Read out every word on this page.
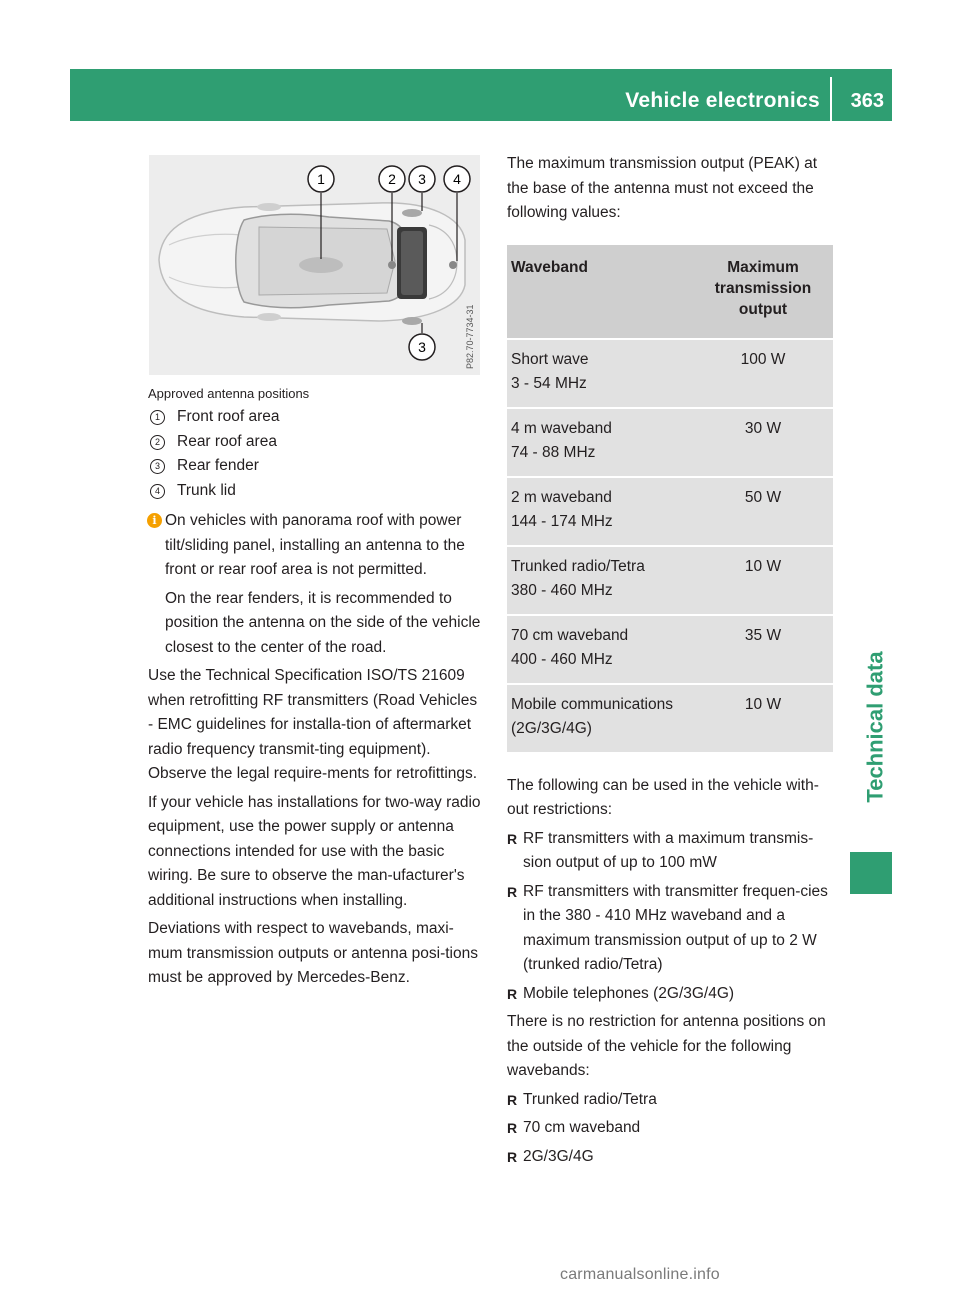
Vehicle electronics 363
Technical data
1	2 3 4
3	P82.70-7734-31
Approved antenna positions
1	Front roof area
2	Rear roof area
3	Rear fender
4	Trunk lid
i On vehicles with panorama roof with power tilt/sliding panel, installing an antenna to the front or rear roof area is not permitted.

On the rear fenders, it is recommended to position the antenna on the side of the vehicle closest to the center of the road.

Use the Technical Specification ISO/TS 21609 when retrofitting RF transmitters (Road Vehicles - EMC guidelines for installa-tion of aftermarket radio frequency transmit-ting equipment). Observe the legal require-ments for retrofittings.

If your vehicle has installations for two-way radio equipment, use the power supply or antenna connections intended for use with the basic wiring. Be sure to observe the man-ufacturer's additional instructions when installing.

Deviations with respect to wavebands, maxi-mum transmission outputs or antenna posi-tions must be approved by Mercedes-Benz.

The maximum transmission output (PEAK) at the base of the antenna must not exceed the following values:

Waveband	Maximum transmission output

Short wave
3 - 54 MHz	100 W

4 m waveband
74 - 88 MHz	30 W

2 m waveband
144 - 174 MHz	50 W

Trunked radio/Tetra
380 - 460 MHz	10 W

70 cm waveband
400 - 460 MHz	35 W

Mobile communications
(2G/3G/4G)	10 W

The following can be used in the vehicle with-out restrictions:

R RF transmitters with a maximum transmis-sion output of up to 100 mW
R RF transmitters with transmitter frequen-cies in the 380 - 410 MHz waveband and a maximum transmission output of up to 2 W (trunked radio/Tetra)
R Mobile telephones (2G/3G/4G)

There is no restriction for antenna positions on the outside of the vehicle for the following wavebands:

R Trunked radio/Tetra
R 70 cm waveband
R 2G/3G/4G
carmanualsonline.info
